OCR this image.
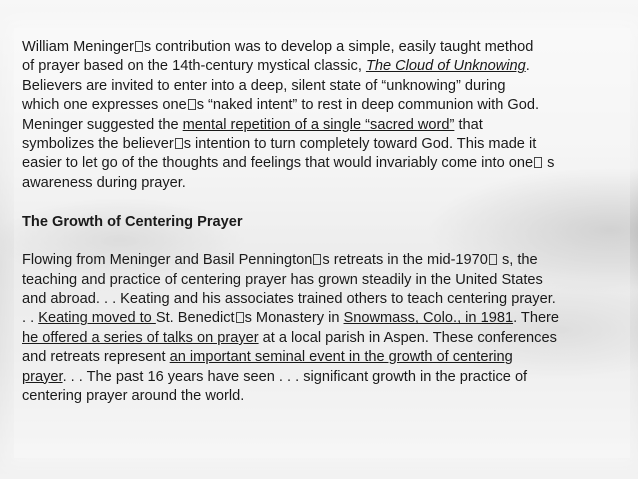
William Meninger s contribution was to develop a simple, easily taught method
of prayer based on the 14th-century mystical classic, The Cloud of Unknowing.
Believers are invited to enter into a deep, silent state of “unknowing” during
which one expresses one s “naked intent” to rest in deep communion with God.
Meninger suggested the mental repetition of a single “sacred word” that
symbolizes the believer s intention to turn completely toward God. This made it
easier to let go of the thoughts and feelings that would invariably come into one s
awareness during prayer.
The Growth of Centering Prayer
Flowing from Meninger and Basil Pennington s retreats in the mid-1970 s, the
teaching and practice of centering prayer has grown steadily in the United States
and abroad. . . Keating and his associates trained others to teach centering prayer.
. . Keating moved to St. Benedict s Monastery in Snowmass, Colo., in 1981. There
he offered a series of talks on prayer at a local parish in Aspen. These conferences
and retreats represent an important seminal event in the growth of centering
prayer. . . The past 16 years have seen . . . significant growth in the practice of
centering prayer around the world.
